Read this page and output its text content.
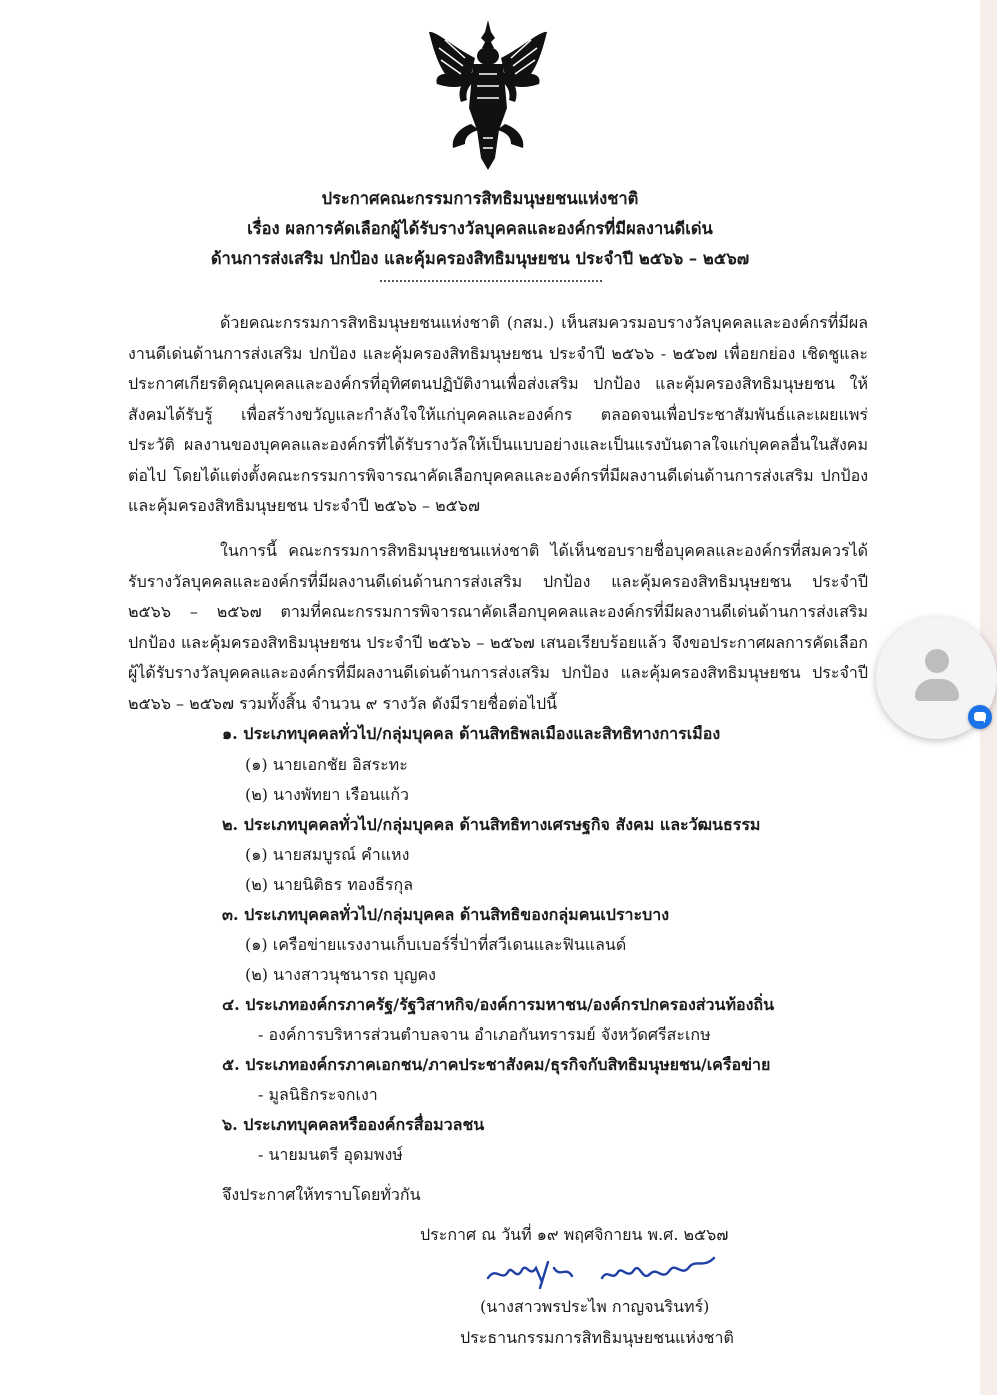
ประกาศคณะกรรมการสิทธิมนุษยชนแห่งชาติ
เรื่อง ผลการคัดเลือกผู้ได้รับรางวัลบุคคลและองค์กรที่มีผลงานดีเด่น
ด้านการส่งเสริม ปกป้อง และคุ้มครองสิทธิมนุษยชน ประจำปี ๒๕๖๖ – ๒๕๖๗

ด้วยคณะกรรมการสิทธิมนุษยชนแห่งชาติ (กสม.) เห็นสมควรมอบรางวัลบุคคลและองค์กรที่มีผลงานดีเด่นด้านการส่งเสริม ปกป้อง และคุ้มครองสิทธิมนุษยชน ประจำปี ๒๕๖๖ - ๒๕๖๗ เพื่อยกย่อง เชิดชูและประกาศเกียรติคุณบุคคลและองค์กรที่อุทิศตนปฏิบัติงานเพื่อส่งเสริม ปกป้อง และคุ้มครองสิทธิมนุษยชน ให้สังคมได้รับรู้ เพื่อสร้างขวัญและกำลังใจให้แก่บุคคลและองค์กร ตลอดจนเพื่อประชาสัมพันธ์และเผยแพร่ประวัติ ผลงานของบุคคลและองค์กรที่ได้รับรางวัลให้เป็นแบบอย่างและเป็นแรงบันดาลใจแก่บุคคลอื่นในสังคมต่อไป โดยได้แต่งตั้งคณะกรรมการพิจารณาคัดเลือกบุคคลและองค์กรที่มีผลงานดีเด่นด้านการส่งเสริม ปกป้อง และคุ้มครองสิทธิมนุษยชน ประจำปี ๒๕๖๖ – ๒๕๖๗

ในการนี้ คณะกรรมการสิทธิมนุษยชนแห่งชาติ ได้เห็นชอบรายชื่อบุคคลและองค์กรที่สมควรได้รับรางวัลบุคคลและองค์กรที่มีผลงานดีเด่นด้านการส่งเสริม ปกป้อง และคุ้มครองสิทธิมนุษยชน ประจำปี ๒๕๖๖ – ๒๕๖๗ ตามที่คณะกรรมการพิจารณาคัดเลือกบุคคลและองค์กรที่มีผลงานดีเด่นด้านการส่งเสริม ปกป้อง และคุ้มครองสิทธิมนุษยชน ประจำปี ๒๕๖๖ – ๒๕๖๗ เสนอเรียบร้อยแล้ว จึงขอประกาศผลการคัดเลือกผู้ได้รับรางวัลบุคคลและองค์กรที่มีผลงานดีเด่นด้านการส่งเสริม ปกป้อง และคุ้มครองสิทธิมนุษยชน ประจำปี ๒๕๖๖ – ๒๕๖๗ รวมทั้งสิ้น จำนวน ๙ รางวัล ดังมีรายชื่อต่อไปนี้

๑. ประเภทบุคคลทั่วไป/กลุ่มบุคคล ด้านสิทธิพลเมืองและสิทธิทางการเมือง
(๑) นายเอกชัย อิสระทะ
(๒) นางพัทยา เรือนแก้ว
๒. ประเภทบุคคลทั่วไป/กลุ่มบุคคล ด้านสิทธิทางเศรษฐกิจ สังคม และวัฒนธรรม
(๑) นายสมบูรณ์ คำแหง
(๒) นายนิติธร ทองธีรกุล
๓. ประเภทบุคคลทั่วไป/กลุ่มบุคคล ด้านสิทธิของกลุ่มคนเปราะบาง
(๑) เครือข่ายแรงงานเก็บเบอร์รี่ป่าที่สวีเดนและฟินแลนด์
(๒) นางสาวนุชนารถ บุญคง
๔. ประเภทองค์กรภาครัฐ/รัฐวิสาหกิจ/องค์การมหาชน/องค์กรปกครองส่วนท้องถิ่น
- องค์การบริหารส่วนตำบลจาน อำเภอกันทรารมย์ จังหวัดศรีสะเกษ
๕. ประเภทองค์กรภาคเอกชน/ภาคประชาสังคม/ธุรกิจกับสิทธิมนุษยชน/เครือข่าย
- มูลนิธิกระจกเงา
๖. ประเภทบุคคลหรือองค์กรสื่อมวลชน
- นายมนตรี อุดมพงษ์
จึงประกาศให้ทราบโดยทั่วกัน
ประกาศ ณ วันที่ ๑๙ พฤศจิกายน พ.ศ. ๒๕๖๗
(นางสาวพรประไพ กาญจนรินทร์)
ประธานกรรมการสิทธิมนุษยชนแห่งชาติ
